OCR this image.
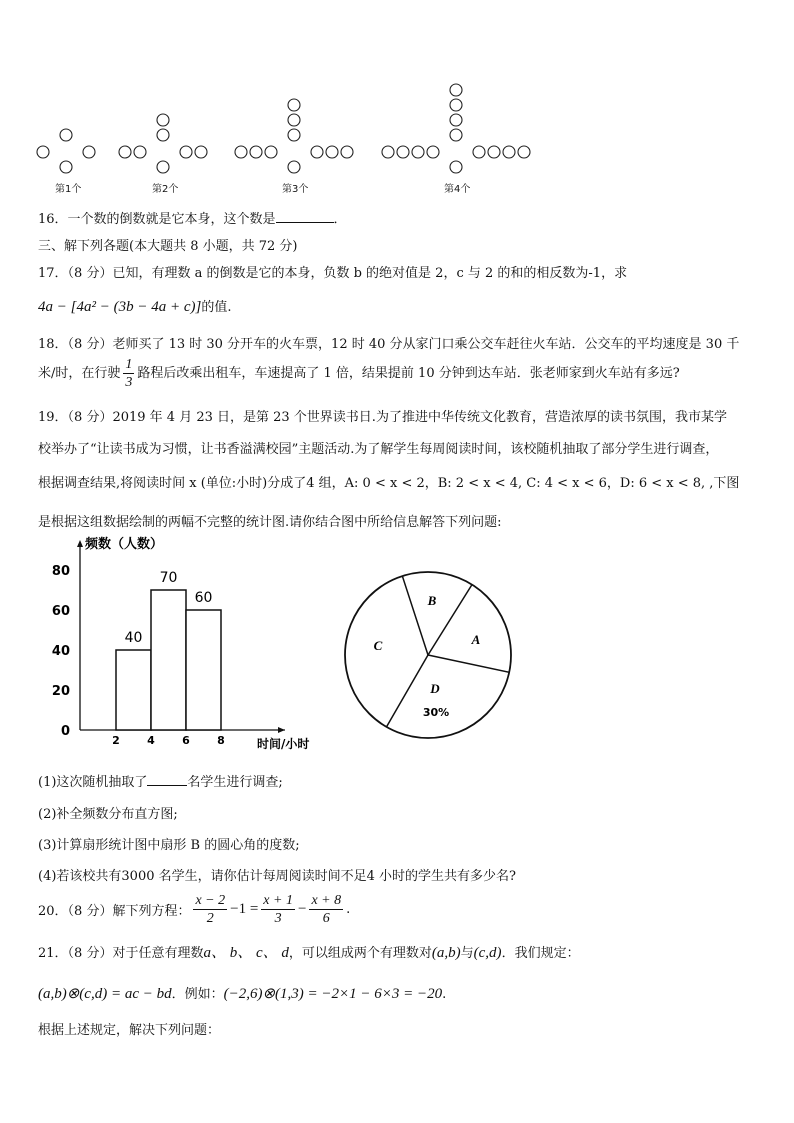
第1个	第2个	第3个	第4个
16．一个数的倒数就是它本身，这个数是	．
三、解下列各题(本大题共 8 小题，共 72 分)
17．（8 分）已知，有理数 a 的倒数是它的本身，负数 b 的绝对值是 2，c 与 2 的和的相反数为-1，求
4a − [4a² − (3b − 4a + c)]的值.
18．（8 分）老师买了 13 时 30 分开车的火车票，12 时 40 分从家门口乘公交车赶往火车站．公交车的平均速度是 30 千
米/时，在行驶 $\frac{1}{3}$ 路程后改乘出租车，车速提高了 1 倍，结果提前 10 分钟到达车站．张老师家到火车站有多远?
19．（8 分）2019 年 4 月 23 日，是第 23 个世界读书日.为了推进中华传统文化教育，营造浓厚的读书氛围，我市某学
校举办了“让读书成为习惯，让书香溢满校园”主题活动.为了解学生每周阅读时间，该校随机抽取了部分学生进行调查，
根据调查结果,将阅读时间 x (单位:小时)分成了4 组，A: 0 < x < 2，B: 2 < x < 4, C: 4 < x < 6，D: 6 < x < 8, ,下图
是根据这组数据绘制的两幅不完整的统计图.请你结合图中所给信息解答下列问题:
频数（人数）
时间/小时
0
20
40
60
80
2 4 6 8
40
70
60
A
B
C
D
30%
(1)这次随机抽取了	名学生进行调查;
(2)补全频数分布直方图;
(3)计算扇形统计图中扇形 B 的圆心角的度数;
(4)若该校共有3000 名学生，请你估计每周阅读时间不足4 小时的学生共有多少名?
20．（8 分）解下列方程： $\frac{x - 2}{2} -1 = \frac{x + 1}{3} - \frac{x + 8}{6}$ .
21．（8 分）对于任意有理数a、 b、 c、 d，可以组成两个有理数对(a,b)与(c,d)．我们规定：
(a,b)⊗(c,d) = ac − bd．例如：(−2,6)⊗(1,3) = −2×1 − 6×3 = −20.
根据上述规定，解决下列问题：
